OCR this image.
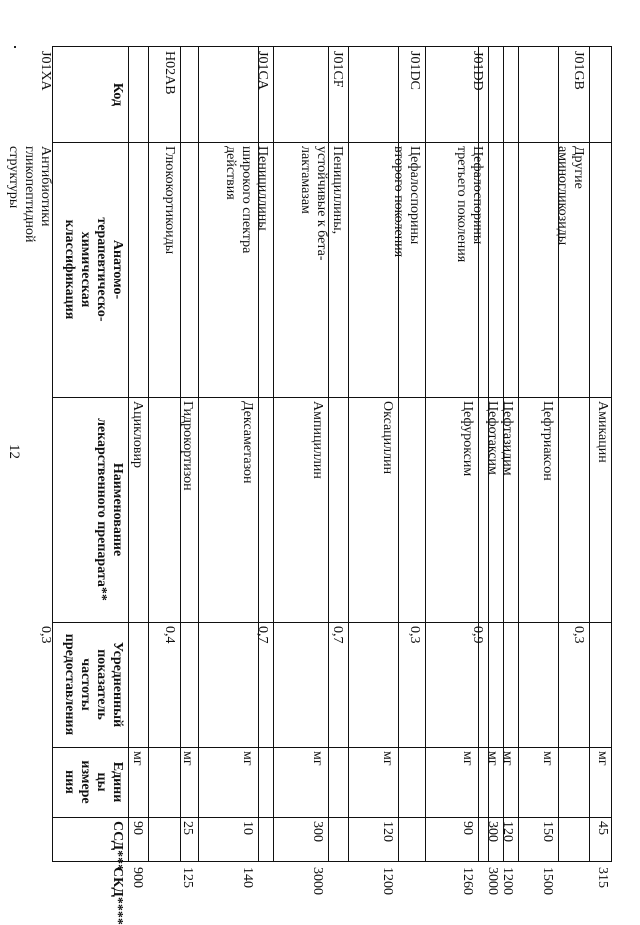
12
Код
Анатомо-
терапевтическо-
химическая
классификация
Наименование
лекарственного препарата**
Усредненный
показатель
частоты
предоставления
Едини
цы
измере
ния
ССД***
СКД****
Ацикловир
мг
90
900
H02AB
Глюкокортикоиды
0,4
Гидрокортизон
мг
25
125
Дексаметазон
мг
10
140
J01CA
Пенициллины
широкого спектра
действия
0,7
Ампициллин
мг
300
3000
J01CF
Пенициллины,
устойчивые к бета-
лактамазам
0,7
Оксациллин
мг
120
1200
J01DC
Цефалоспорины
второго поколения
0,3
Цефуроксим
мг
90
1260
J01DD
Цефалоспорины
третьего поколения
0,9
Цефотаксим
мг
300
3000
Цефтазидим
мг
120
1200
Цефтриаксон
мг
150
1500
J01GB
Другие
аминогликозиды
0,3
Амикацин
мг
45
315
J01XA
Антибиотики
гликопептидной
структуры
0,3
